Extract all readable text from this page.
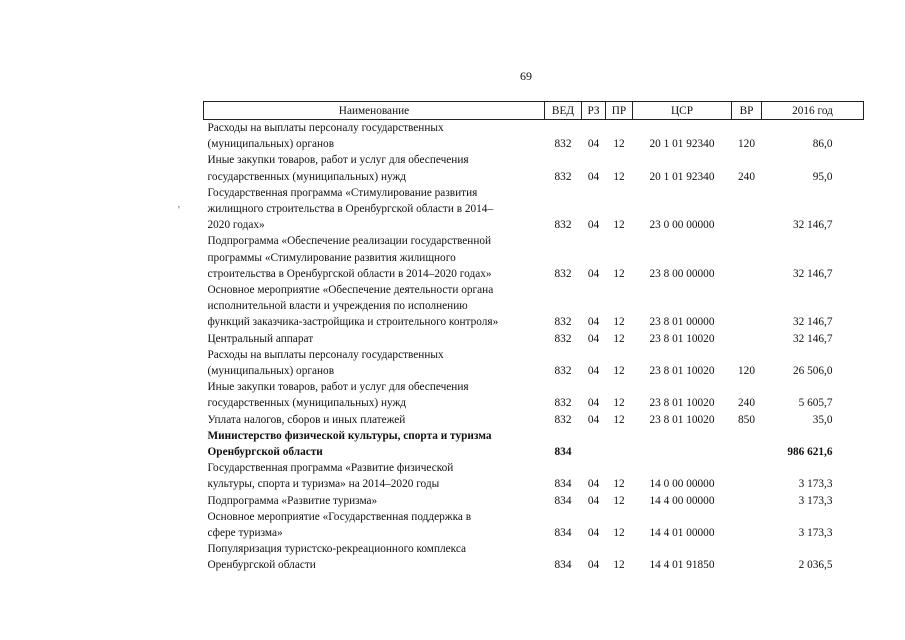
69
'
Наименование	ВЕД	РЗ	ПР	ЦСР	ВР	2016 год
Расходы на выплаты персоналу государственных
(муниципальных) органов	832	04	12	20 1 01 92340	120	86,0
Иные закупки товаров, работ и услуг для обеспечения
государственных (муниципальных) нужд	832	04	12	20 1 01 92340	240	95,0
Государственная программа «Стимулирование развития
жилищного строительства в Оренбургской области в 2014–
2020 годах»	832	04	12	23 0 00 00000		32 146,7
Подпрограмма «Обеспечение реализации государственной
программы «Стимулирование развития жилищного
строительства в Оренбургской области в 2014–2020 годах»	832	04	12	23 8 00 00000		32 146,7
Основное мероприятие «Обеспечение деятельности органа
исполнительной власти и учреждения по исполнению
функций заказчика-застройщика и строительного контроля»	832	04	12	23 8 01 00000		32 146,7
Центральный аппарат	832	04	12	23 8 01 10020		32 146,7
Расходы на выплаты персоналу государственных
(муниципальных) органов	832	04	12	23 8 01 10020	120	26 506,0
Иные закупки товаров, работ и услуг для обеспечения
государственных (муниципальных) нужд	832	04	12	23 8 01 10020	240	5 605,7
Уплата налогов, сборов и иных платежей	832	04	12	23 8 01 10020	850	35,0
Министерство физической культуры, спорта и туризма
Оренбургской области	834					986 621,6
Государственная программа «Развитие физической
культуры, спорта и туризма» на 2014–2020 годы	834	04	12	14 0 00 00000		3 173,3
Подпрограмма «Развитие туризма»	834	04	12	14 4 00 00000		3 173,3
Основное мероприятие «Государственная поддержка в
сфере туризма»	834	04	12	14 4 01 00000		3 173,3
Популяризация туристско-рекреационного комплекса
Оренбургской области	834	04	12	14 4 01 91850		2 036,5
